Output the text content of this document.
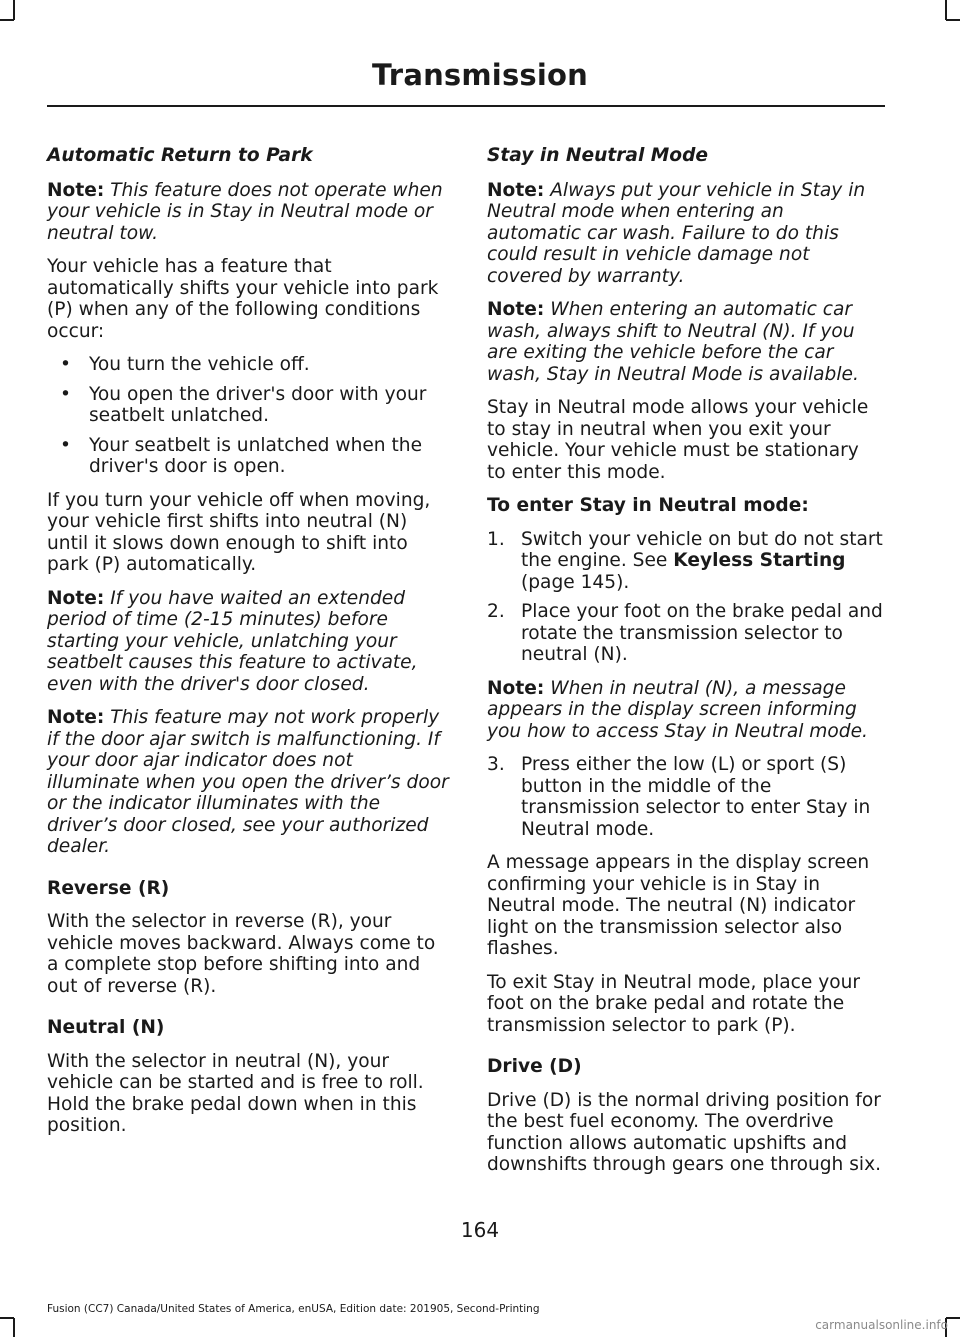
Transmission

Automatic Return to Park

Note: This feature does not operate when your vehicle is in Stay in Neutral mode or neutral tow.

Your vehicle has a feature that automatically shifts your vehicle into park (P) when any of the following conditions occur:

• You turn the vehicle off.
• You open the driver's door with your seatbelt unlatched.
• Your seatbelt is unlatched when the driver's door is open.

If you turn your vehicle off when moving, your vehicle first shifts into neutral (N) until it slows down enough to shift into park (P) automatically.

Note: If you have waited an extended period of time (2-15 minutes) before starting your vehicle, unlatching your seatbelt causes this feature to activate, even with the driver's door closed.

Note: This feature may not work properly if the door ajar switch is malfunctioning. If your door ajar indicator does not illuminate when you open the driver’s door or the indicator illuminates with the driver’s door closed, see your authorized dealer.

Reverse (R)

With the selector in reverse (R), your vehicle moves backward. Always come to a complete stop before shifting into and out of reverse (R).

Neutral (N)

With the selector in neutral (N), your vehicle can be started and is free to roll. Hold the brake pedal down when in this position.

Stay in Neutral Mode

Note: Always put your vehicle in Stay in Neutral mode when entering an automatic car wash. Failure to do this could result in vehicle damage not covered by warranty.

Note: When entering an automatic car wash, always shift to Neutral (N). If you are exiting the vehicle before the car wash, Stay in Neutral Mode is available.

Stay in Neutral mode allows your vehicle to stay in neutral when you exit your vehicle. Your vehicle must be stationary to enter this mode.

To enter Stay in Neutral mode:

1. Switch your vehicle on but do not start the engine. See Keyless Starting (page 145).
2. Place your foot on the brake pedal and rotate the transmission selector to neutral (N).

Note: When in neutral (N), a message appears in the display screen informing you how to access Stay in Neutral mode.

3. Press either the low (L) or sport (S) button in the middle of the transmission selector to enter Stay in Neutral mode.

A message appears in the display screen confirming your vehicle is in Stay in Neutral mode. The neutral (N) indicator light on the transmission selector also flashes.

To exit Stay in Neutral mode, place your foot on the brake pedal and rotate the transmission selector to park (P).

Drive (D)

Drive (D) is the normal driving position for the best fuel economy. The overdrive function allows automatic upshifts and downshifts through gears one through six.

164
Fusion (CC7) Canada/United States of America, enUSA, Edition date: 201905, Second-Printing
carmanualsonline.info
